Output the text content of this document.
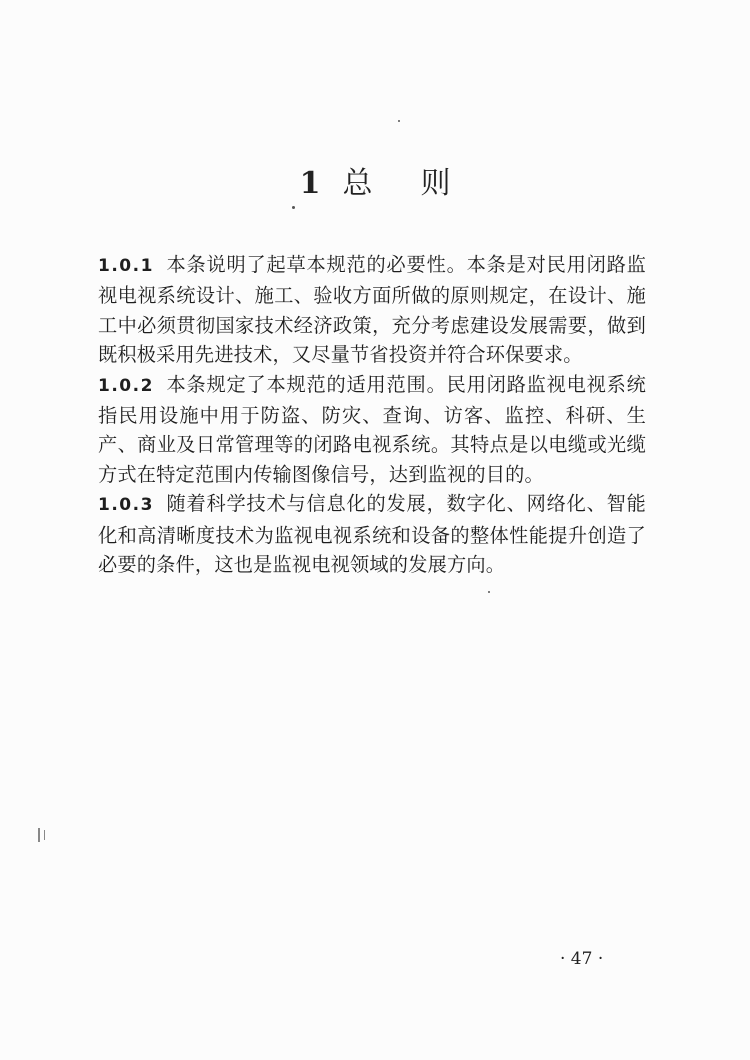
1 总 则

1.0.1 本条说明了起草本规范的必要性。本条是对民用闭路监视电视系统设计、施工、验收方面所做的原则规定，在设计、施工中必须贯彻国家技术经济政策，充分考虑建设发展需要，做到既积极采用先进技术，又尽量节省投资并符合环保要求。

1.0.2 本条规定了本规范的适用范围。民用闭路监视电视系统指民用设施中用于防盗、防灾、查询、访客、监控、科研、生产、商业及日常管理等的闭路电视系统。其特点是以电缆或光缆方式在特定范围内传输图像信号，达到监视的目的。

1.0.3 随着科学技术与信息化的发展，数字化、网络化、智能化和高清晰度技术为监视电视系统和设备的整体性能提升创造了必要的条件，这也是监视电视领域的发展方向。

· 47 ·
